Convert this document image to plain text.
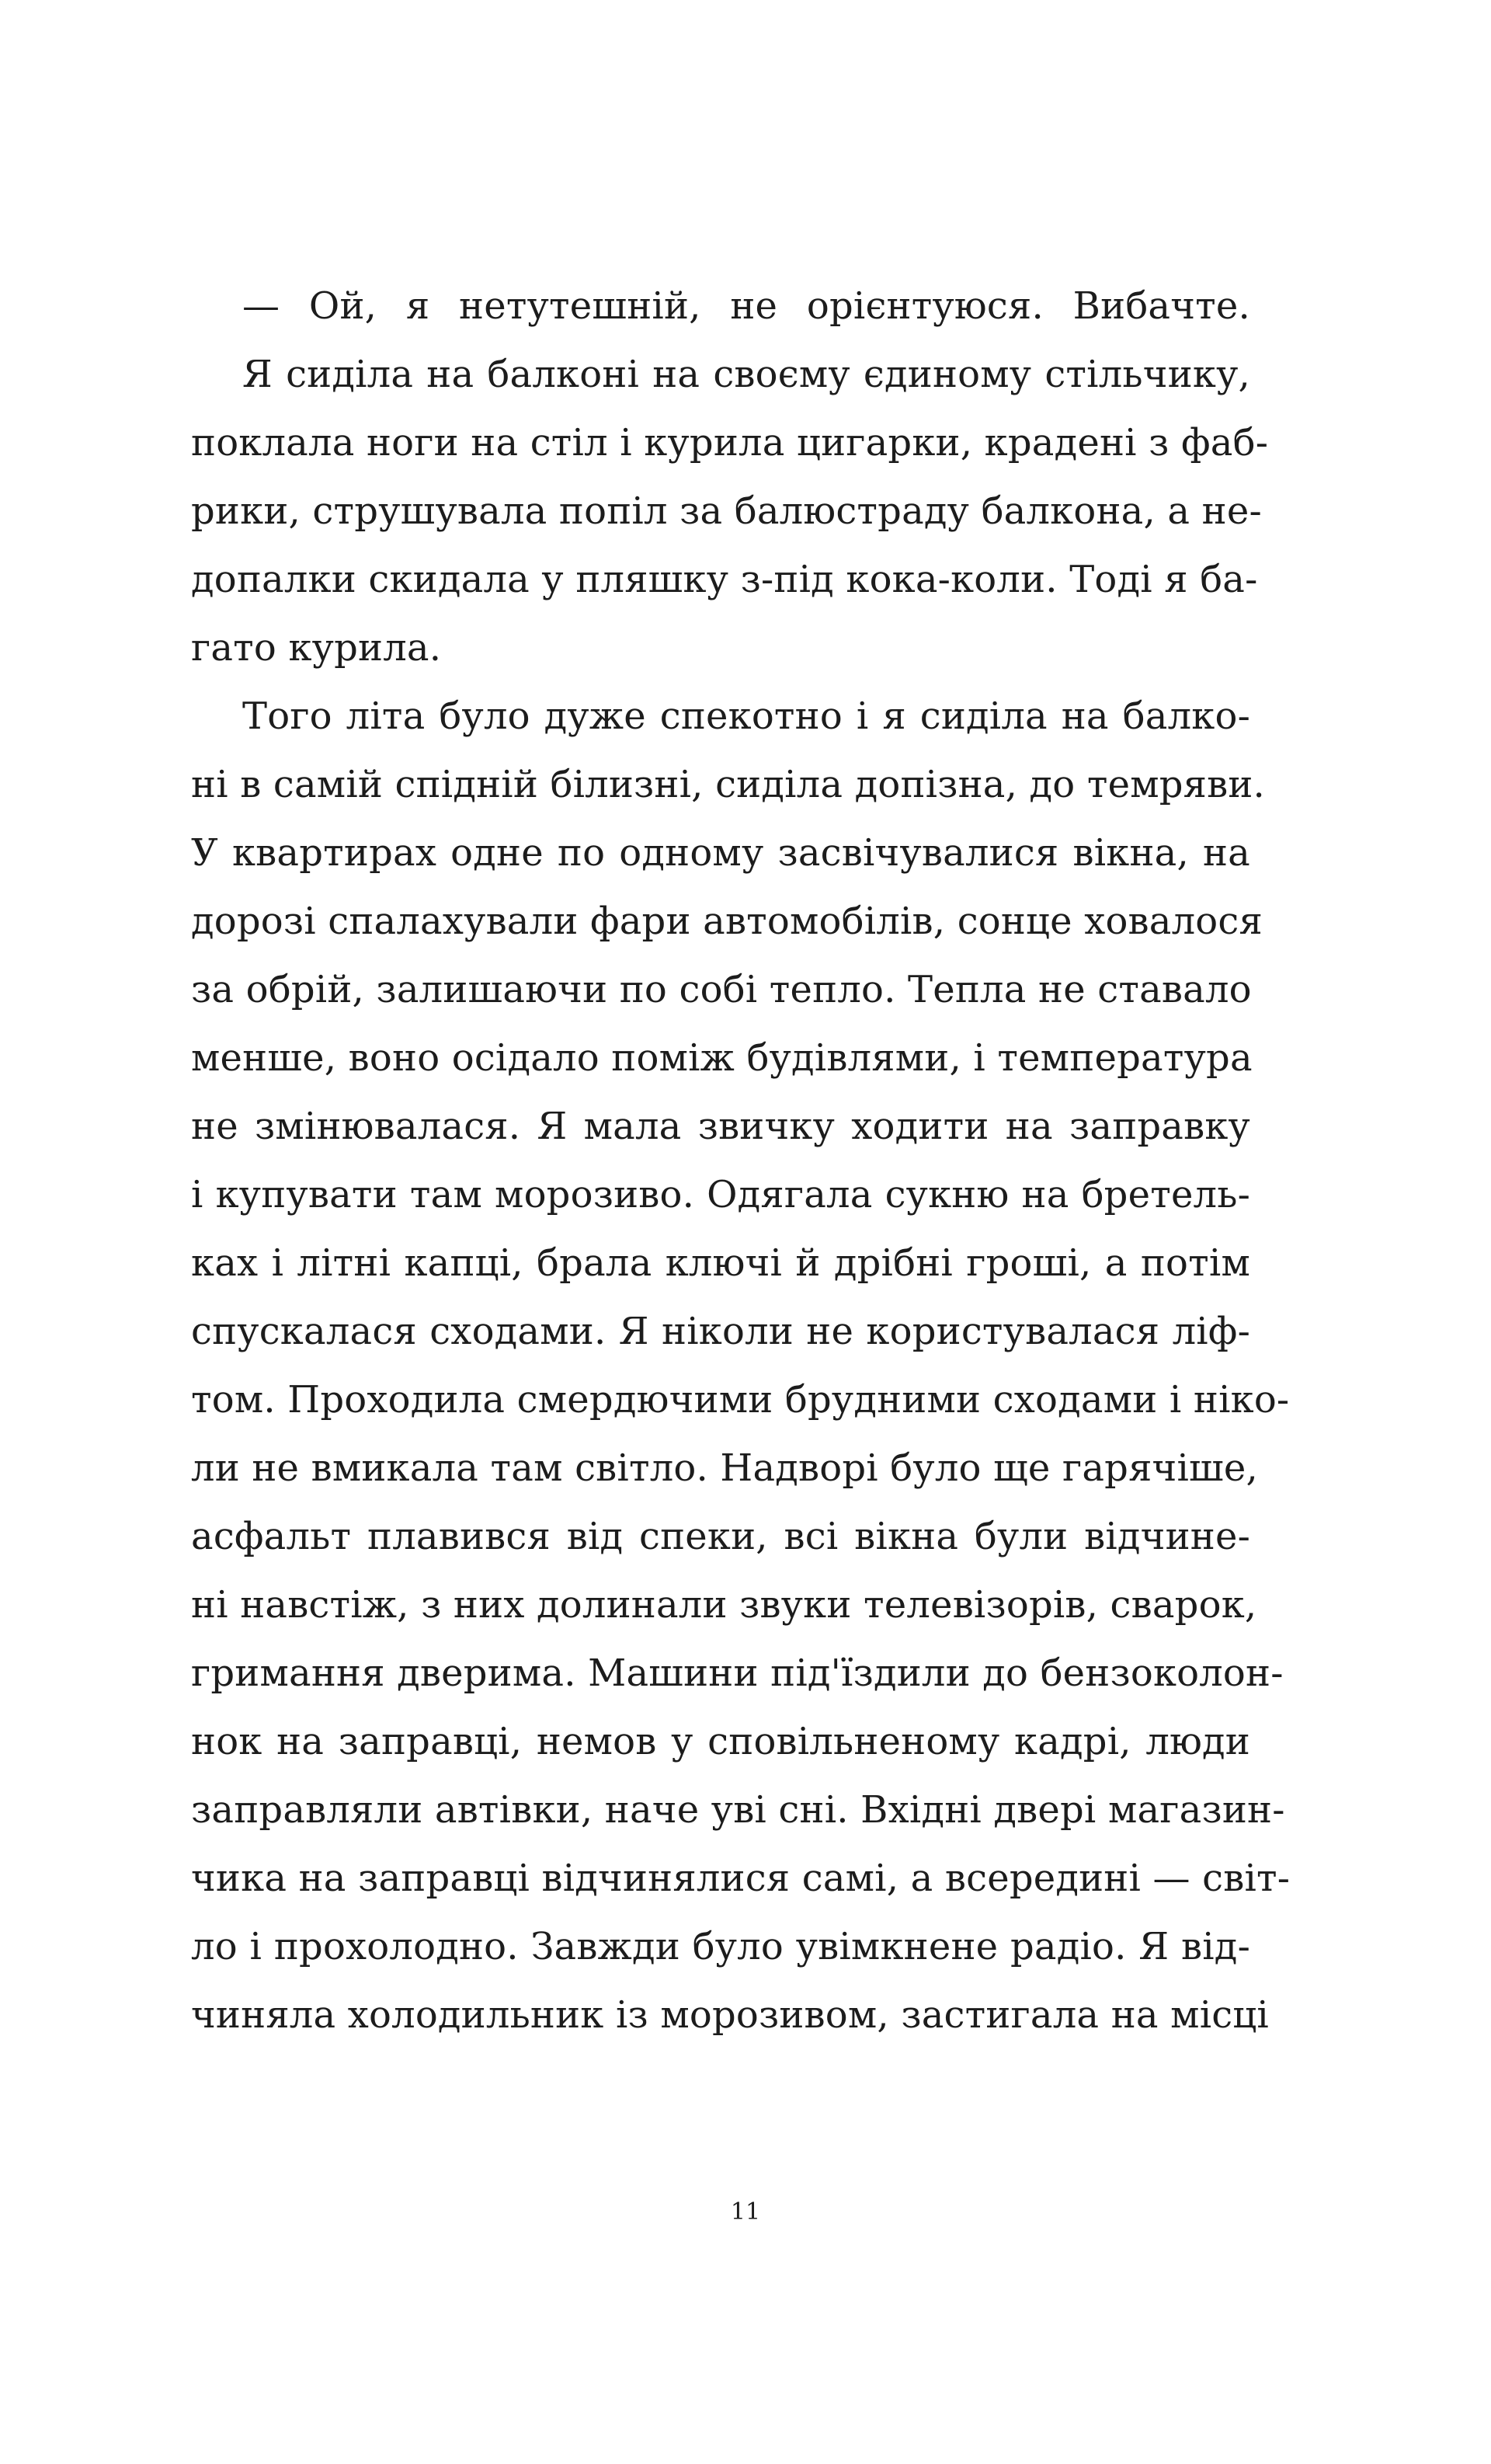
— Ой, я нетутешній, не орієнтуюся. Вибачте.
Я сиділа на балконі на своєму єдиному стільчику,
поклала ноги на стіл і курила цигарки, крадені з фаб-
рики, струшувала попіл за балюстраду балкона, а не-
допалки скидала у пляшку з-під кока-коли. Тоді я ба-
гато курила.
Того літа було дуже спекотно і я сиділа на балко-
ні в самій спідній білизні, сиділа допізна, до темряви.
У квартирах одне по одному засвічувалися вікна, на
дорозі спалахували фари автомобілів, сонце ховалося
за обрій, залишаючи по собі тепло. Тепла не ставало
менше, воно осідало поміж будівлями, і температура
не змінювалася. Я мала звичку ходити на заправку
і купувати там морозиво. Одягала сукню на бретель-
ках і літні капці, брала ключі й дрібні гроші, а потім
спускалася сходами. Я ніколи не користувалася ліф-
том. Проходила смердючими брудними сходами і ніко-
ли не вмикала там світло. Надворі було ще гарячіше,
асфальт плавився від спеки, всі вікна були відчине-
ні навстіж, з них долинали звуки телевізорів, сварок,
гримання дверима. Машини під'їздили до бензоколон-
нок на заправці, немов у сповільненому кадрі, люди
заправляли автівки, наче уві сні. Вхідні двері магазин-
чика на заправці відчинялися самі, а всередині — світ-
ло і прохолодно. Завжди було увімкнене радіо. Я від-
чиняла холодильник із морозивом, застигала на місці
11
